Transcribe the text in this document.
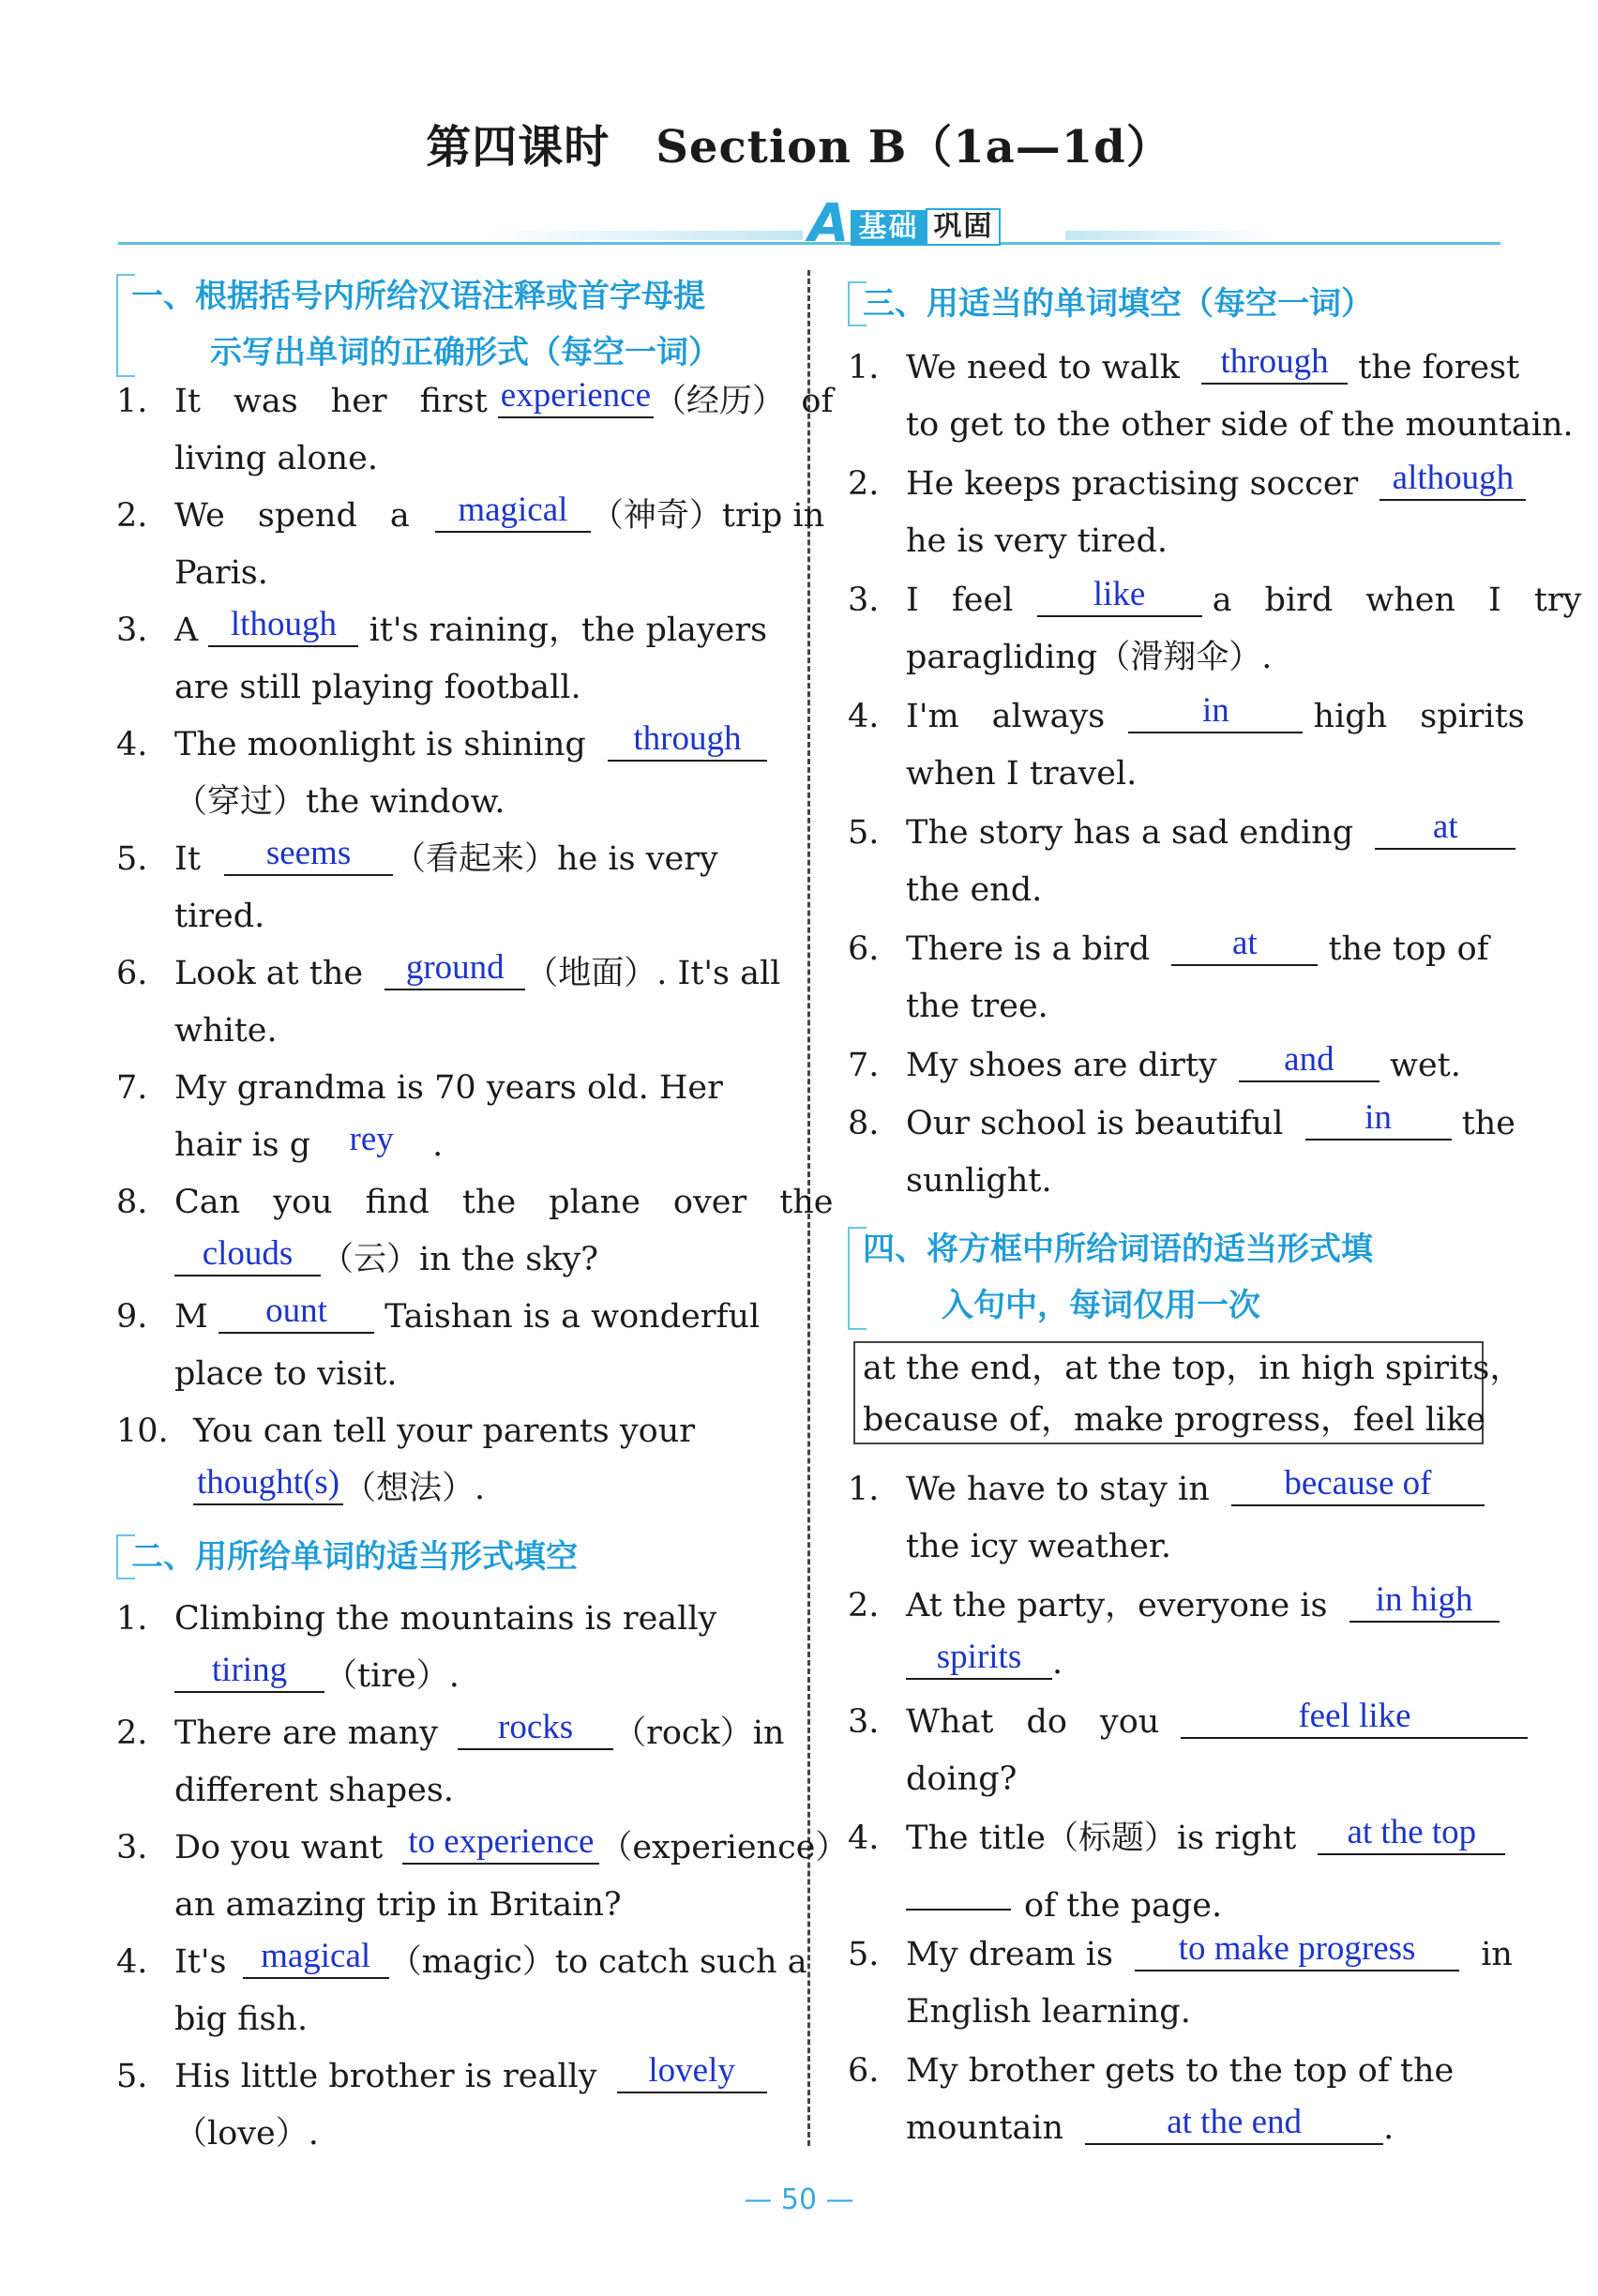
第四课时　Section B（1a—1d）
A 基础 巩固
一、根据括号内所给汉语注释或首字母提
示写出单词的正确形式（每空一词）
1. It　was　her　first experience（经历）　of
living alone.
2. We　spend　a magical （神奇）trip in
Paris.
3. A lthough it's raining，the players
are still playing football.
4. The moonlight is shining through
（穿过）the window.
5. It seems （看起来）he is very
tired.
6. Look at the ground （地面）. It's all
white.
7. My grandma is 70 years old. Her
hair is g rey .
8. Can　you　find　the　plane　over　the
clouds （云）in the sky?
9. M ount Taishan is a wonderful
place to visit.
10. You can tell your parents your
thought(s) （想法）.
二、用所给单词的适当形式填空
1. Climbing the mountains is really
tiring （tire）.
2. There are many rocks （rock）in
different shapes.
3. Do you want to experience （experience）
an amazing trip in Britain?
4. It's magical （magic）to catch such a
big fish.
5. His little brother is really lovely
（love）.
三、用适当的单词填空（每空一词）
1. We need to walk through the forest
to get to the other side of the mountain.
2. He keeps practising soccer although
he is very tired.
3. I　feel like a　bird　when　I　try
paragliding（滑翔伞）.
4. I'm　always	in	high　spirits
when I travel.
5. The story has a sad ending at
the end.
6. There is a bird at the top of
the tree.
7. My shoes are dirty and wet.
8. Our school is beautiful in the
sunlight.
四、将方框中所给词语的适当形式填
入句中，每词仅用一次
at the end，at the top，in high spirits，
because of，make progress，feel like
1. We have to stay in because of
the icy weather.
2. At the party，everyone is in high
spirits .
3. What　do　you	feel like
doing?
4. The title（标题）is right at the top
of the page.
5. My dream is to make progress in
English learning.
6. My brother gets to the top of the
mountain	at the end .
— 50 —
